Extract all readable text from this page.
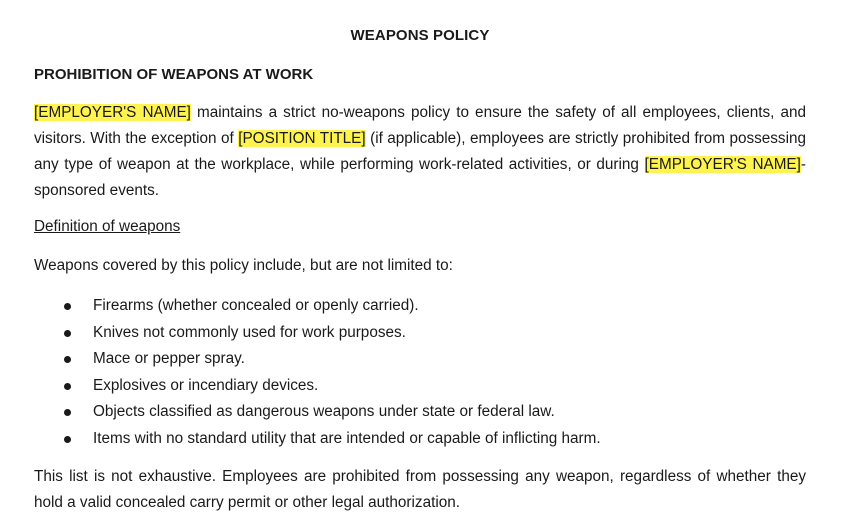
WEAPONS POLICY
PROHIBITION OF WEAPONS AT WORK

[EMPLOYER'S NAME] maintains a strict no-weapons policy to ensure the safety of all employees, clients, and visitors. With the exception of [POSITION TITLE] (if applicable), employees are strictly prohibited from possessing any type of weapon at the workplace, while performing work-related activities, or during [EMPLOYER'S NAME]-sponsored events.

Definition of weapons
Weapons covered by this policy include, but are not limited to:
Firearms (whether concealed or openly carried).
Knives not commonly used for work purposes.
Mace or pepper spray.
Explosives or incendiary devices.
Objects classified as dangerous weapons under state or federal law.
Items with no standard utility that are intended or capable of inflicting harm.

This list is not exhaustive. Employees are prohibited from possessing any weapon, regardless of whether they hold a valid concealed carry permit or other legal authorization.
